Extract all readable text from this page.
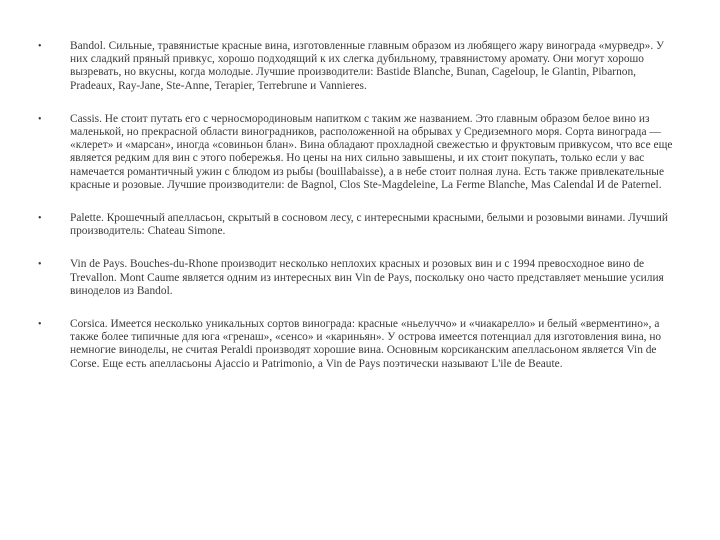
•	Bandol. Сильные, травянистые красные вина, изготовленные главным образом из любящего жару винограда «мурведр». У них сладкий пряный привкус, хорошо подходящий к их слегка дубильному, травянистому аромату. Они могут хорошо вызревать, но вкусны, когда молодые. Лучшие производители: Bastide Blanche, Bunan, Cageloup, le Glantin, Pibarnon, Pradeaux, Ray-Jane, Ste-Anne, Terapier, Terrebrune и Vannieres.
•	Cassis. Не стоит путать его с черносмородиновым напитком с таким же названием. Это главным образом белое вино из маленькой, но прекрасной области виноградников, расположенной на обрывах у Средиземного моря. Сорта винограда — «клерет» и «марсан», иногда «совиньон блан». Вина обладают прохладной свежестью и фруктовым привкусом, что все еще является редким для вин с этого побережья. Но цены на них сильно завышены, и их стоит покупать, только если у вас намечается романтичный ужин с блюдом из рыбы (bouillabaisse), а в небе стоит полная луна. Есть также привлекательные красные и розовые. Лучшие производители: de Bagnol, Clos Ste-Magdeleine, La Ferme Blanche, Mas Calendal И de Paternel.
•	Palette. Крошечный апелласьон, скрытый в сосновом лесу, с интересными красными, белыми и розовыми винами. Лучший производитель: Chateau Simone.
•	Vin de Pays. Bouches-du-Rhone производит несколько неплохих красных и розовых вин и с 1994 превосходное вино de Trevallon. Mont Caume является одним из интересных вин Vin de Pays, поскольку оно часто представляет меньшие усилия виноделов из Bandol.
•	Corsica. Имеется несколько уникальных сортов винограда: красные «ньелуччо» и «чиакарелло» и белый «верментино», а также более типичные для юга «гренаш», «сенсо» и «кариньян». У острова имеется потенциал для изготовления вина, но немногие виноделы, не считая Peraldi производят хорошие вина. Основным корсиканским апелласьоном является Vin de Corse. Еще есть апелласьоны Ajaccio и Patrimonio, а Vin de Pays поэтически называют L'ile de Beaute.
